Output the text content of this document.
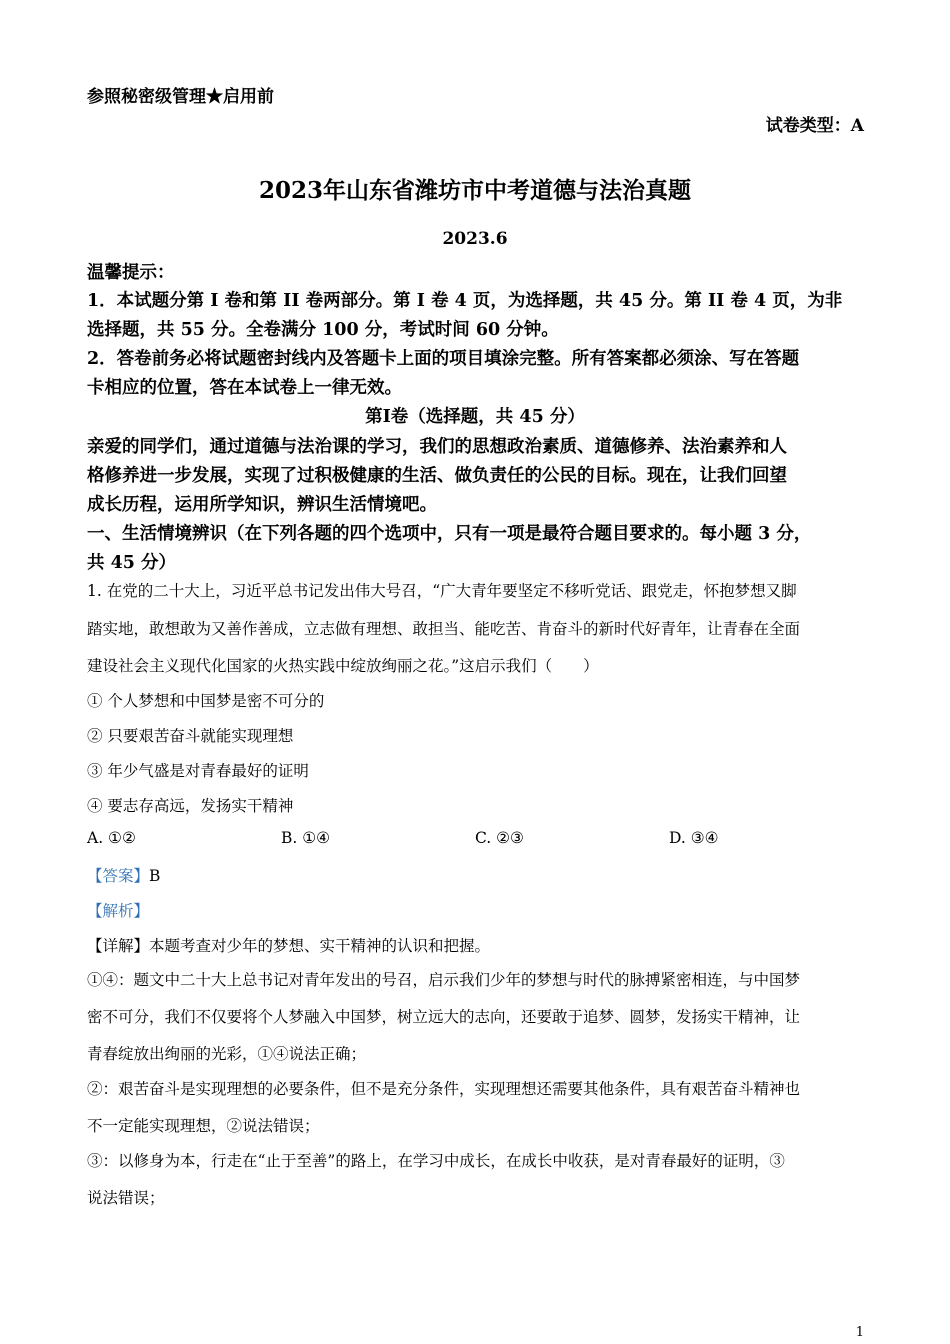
参照秘密级管理★启用前
试卷类型：A
2023年山东省潍坊市中考道德与法治真题
2023.6
温馨提示：
1．本试题分第 I 卷和第 II 卷两部分。第 I 卷 4 页，为选择题，共 45 分。第 II 卷 4 页，为非
选择题，共 55 分。全卷满分 100 分，考试时间 60 分钟。
2．答卷前务必将试题密封线内及答题卡上面的项目填涂完整。所有答案都必须涂、写在答题
卡相应的位置，答在本试卷上一律无效。
第Ⅰ卷（选择题，共 45 分）
亲爱的同学们，通过道德与法治课的学习，我们的思想政治素质、道德修养、法治素养和人
格修养进一步发展，实现了过积极健康的生活、做负责任的公民的目标。现在，让我们回望
成长历程，运用所学知识，辨识生活情境吧。
一、生活情境辨识（在下列各题的四个选项中，只有一项是最符合题目要求的。每小题 3 分，
共 45 分）
1. 在党的二十大上，习近平总书记发出伟大号召，“广大青年要坚定不移听党话、跟党走，怀抱梦想又脚
踏实地，敢想敢为又善作善成，立志做有理想、敢担当、能吃苦、肯奋斗的新时代好青年，让青春在全面
建设社会主义现代化国家的火热实践中绽放绚丽之花。”这启示我们（　　）
① 个人梦想和中国梦是密不可分的
② 只要艰苦奋斗就能实现理想
③ 年少气盛是对青春最好的证明
④ 要志存高远，发扬实干精神
A. ①②	B. ①④	C. ②③	D. ③④
【答案】B
【解析】
【详解】本题考查对少年的梦想、实干精神的认识和把握。
①④：题文中二十大上总书记对青年发出的号召，启示我们少年的梦想与时代的脉搏紧密相连，与中国梦
密不可分，我们不仅要将个人梦融入中国梦，树立远大的志向，还要敢于追梦、圆梦，发扬实干精神，让
青春绽放出绚丽的光彩，①④说法正确；
②：艰苦奋斗是实现理想的必要条件，但不是充分条件，实现理想还需要其他条件，具有艰苦奋斗精神也
不一定能实现理想，②说法错误；
③：以修身为本，行走在“止于至善”的路上，在学习中成长，在成长中收获，是对青春最好的证明，③
说法错误；
1
